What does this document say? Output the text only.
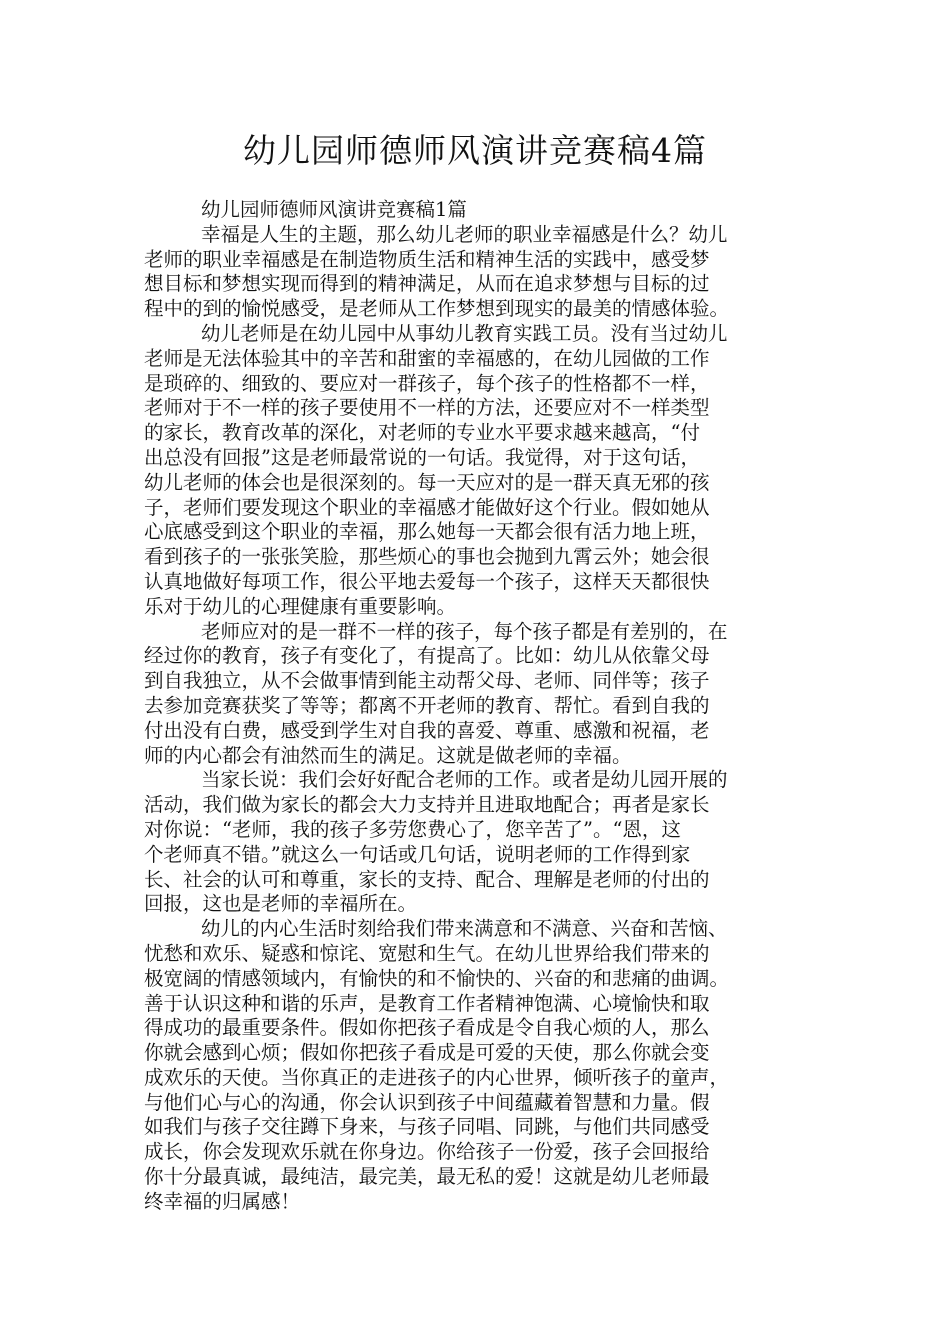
幼儿园师德师风演讲竞赛稿4篇

幼儿园师德师风演讲竞赛稿1篇

幸福是人生的主题，那么幼儿老师的职业幸福感是什么？幼儿
老师的职业幸福感是在制造物质生活和精神生活的实践中，感受梦
想目标和梦想实现而得到的精神满足，从而在追求梦想与目标的过
程中的到的愉悦感受，是老师从工作梦想到现实的最美的情感体验。

幼儿老师是在幼儿园中从事幼儿教育实践工员。没有当过幼儿
老师是无法体验其中的辛苦和甜蜜的幸福感的，在幼儿园做的工作
是琐碎的、细致的、要应对一群孩子，每个孩子的性格都不一样，
老师对于不一样的孩子要使用不一样的方法，还要应对不一样类型
的家长，教育改革的深化，对老师的专业水平要求越来越高，“付
出总没有回报”这是老师最常说的一句话。我觉得，对于这句话，
幼儿老师的体会也是很深刻的。每一天应对的是一群天真无邪的孩
子，老师们要发现这个职业的幸福感才能做好这个行业。假如她从
心底感受到这个职业的幸福，那么她每一天都会很有活力地上班，
看到孩子的一张张笑脸，那些烦心的事也会抛到九霄云外；她会很
认真地做好每项工作，很公平地去爱每一个孩子，这样天天都很快
乐对于幼儿的心理健康有重要影响。

老师应对的是一群不一样的孩子，每个孩子都是有差别的，在
经过你的教育，孩子有变化了，有提高了。比如：幼儿从依靠父母
到自我独立，从不会做事情到能主动帮父母、老师、同伴等；孩子
去参加竞赛获奖了等等；都离不开老师的教育、帮忙。看到自我的
付出没有白费，感受到学生对自我的喜爱、尊重、感激和祝福，老
师的内心都会有油然而生的满足。这就是做老师的幸福。

当家长说：我们会好好配合老师的工作。或者是幼儿园开展的
活动，我们做为家长的都会大力支持并且进取地配合；再者是家长
对你说：“老师，我的孩子多劳您费心了，您辛苦了”。“恩，这
个老师真不错。”就这么一句话或几句话，说明老师的工作得到家
长、社会的认可和尊重，家长的支持、配合、理解是老师的付出的
回报，这也是老师的幸福所在。

幼儿的内心生活时刻给我们带来满意和不满意、兴奋和苦恼、
忧愁和欢乐、疑惑和惊诧、宽慰和生气。在幼儿世界给我们带来的
极宽阔的情感领域内，有愉快的和不愉快的、兴奋的和悲痛的曲调。
善于认识这种和谐的乐声，是教育工作者精神饱满、心境愉快和取
得成功的最重要条件。假如你把孩子看成是令自我心烦的人，那么
你就会感到心烦；假如你把孩子看成是可爱的天使，那么你就会变
成欢乐的天使。当你真正的走进孩子的内心世界，倾听孩子的童声，
与他们心与心的沟通，你会认识到孩子中间蕴藏着智慧和力量。假
如我们与孩子交往蹲下身来，与孩子同唱、同跳，与他们共同感受
成长，你会发现欢乐就在你身边。你给孩子一份爱，孩子会回报给
你十分最真诚，最纯洁，最完美，最无私的爱！这就是幼儿老师最
终幸福的归属感！
